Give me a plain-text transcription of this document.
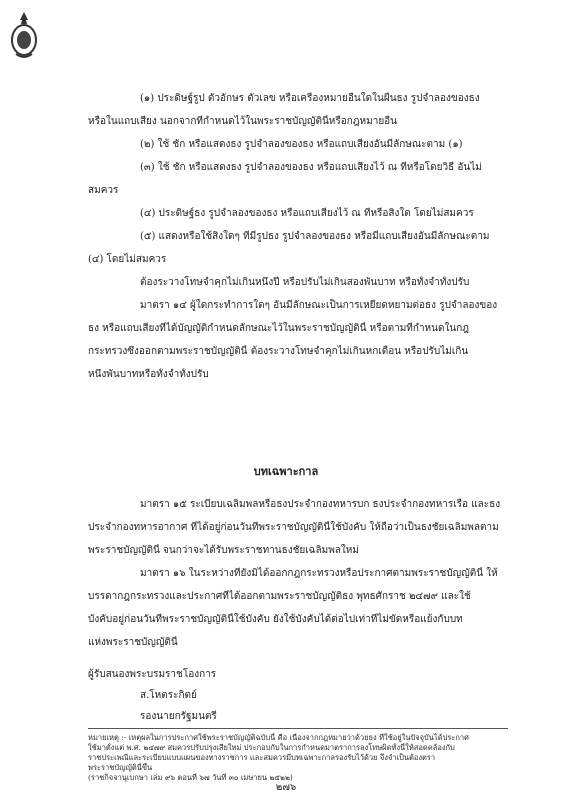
(๑) ประดิษฐ์รูป ตัวอักษร ตัวเลข หรือเครื่องหมายอื่นใดในผืนธง รูปจำลองของธง
หรือในแถบเสียง นอกจากที่กำหนดไว้ในพระราชบัญญัตินี้หรือกฎหมายอื่น
(๒) ใช้ ชัก หรือแสดงธง รูปจำลองของธง หรือแถบเสียงอันมีลักษณะตาม (๑)
(๓) ใช้ ชัก หรือแสดงธง รูปจำลองของธง หรือแถบเสียงไว้ ณ ที่หรือโดยวิธี อันไม่
สมควร
(๔) ประดิษฐ์ธง รูปจำลองของธง หรือแถบเสียงไว้ ณ ที่หรือสิ่งใด โดยไม่สมควร
(๕) แสดงหรือใช้สิ่งใดๆ ที่มีรูปธง รูปจำลองของธง หรือมีแถบเสียงอันมีลักษณะตาม
(๔) โดยไม่สมควร
ต้องระวางโทษจำคุกไม่เกินหนึ่งปี หรือปรับไม่เกินสองพันบาท หรือทั้งจำทั้งปรับ
มาตรา ๑๔ ผู้ใดกระทำการใดๆ อันมีลักษณะเป็นการเหยียดหยามต่อธง รูปจำลองของ
ธง หรือแถบเสียงที่ได้บัญญัติกำหนดลักษณะไว้ในพระราชบัญญัตินี้ หรือตามที่กำหนดในกฎ
กระทรวงซึ่งออกตามพระราชบัญญัตินี้ ต้องระวางโทษจำคุกไม่เกินหกเดือน หรือปรับไม่เกิน
หนึ่งพันบาทหรือทั้งจำทั้งปรับ
บทเฉพาะกาล
มาตรา ๑๕ ระเบียบเฉลิมพลหรือธงประจำกองทหารบก ธงประจำกองทหารเรือ และธง
ประจำกองทหารอากาศ ที่ได้อยู่ก่อนวันที่พระราชบัญญัตินี้ใช้บังคับ ให้ถือว่าเป็นธงชัยเฉลิมพลตาม
พระราชบัญญัตินี้ จนกว่าจะได้รับพระราชทานธงชัยเฉลิมพลใหม่
มาตรา ๑๖ ในระหว่างที่ยังมิได้ออกกฎกระทรวงหรือประกาศตามพระราชบัญญัตินี้ ให้
บรรดากฎกระทรวงและประกาศที่ได้ออกตามพระราชบัญญัติธง พุทธศักราช ๒๔๗๙ และใช้
บังคับอยู่ก่อนวันที่พระราชบัญญัตินี้ใช้บังคับ ยังใช้บังคับได้ต่อไปเท่าที่ไม่ขัดหรือแย้งกับบท
แห่งพระราชบัญญัตินี้
ผู้รับสนองพระบรมราชโองการ
ส.โหตระกิตย์
รองนายกรัฐมนตรี
หมายเหตุ :- เหตุผลในการประกาศใช้พระราชบัญญัติฉบับนี้ คือ เนื่องจากกฎหมายว่าด้วยธง ที่ใช้อยู่ในปัจจุบันได้ประกาศ
ใช้มาตั้งแต่ พ.ศ. ๒๔๗๙ สมควรปรับปรุงเสียใหม่ ประกอบกับในการกำหนดมาตราการลงโทษผิดทั้งนี้ให้สอดคล้องกับ
ราชประเพณีและระเบียบแบบแผนของทางราชการ และสมควรมีบทเฉพาะกาลรองรับไว้ด้วย จึงจำเป็นต้องตรา
พระราชบัญญัตินี้ขึ้น
(ราชกิจจานุเบกษา เล่ม ๙๖ ตอนที่ ๖๗ วันที่ ๓๐ เมษายน ๒๕๒๒)
๒๗๖
